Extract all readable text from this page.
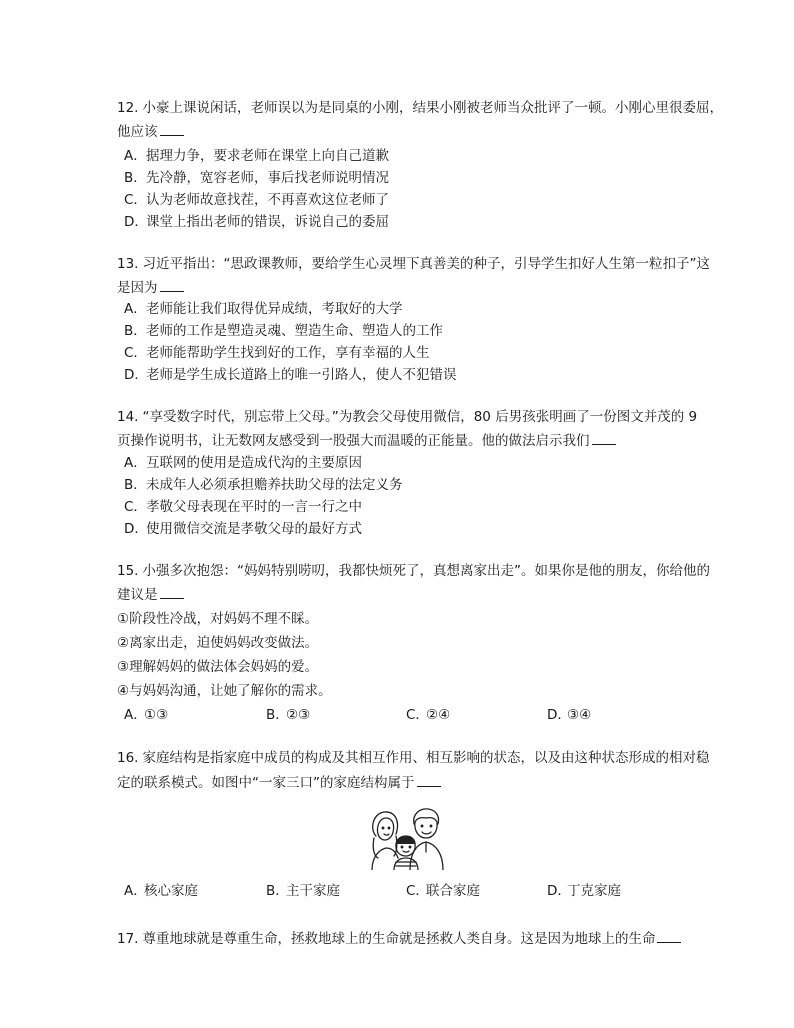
12. 小豪上课说闲话，老师误以为是同桌的小刚，结果小刚被老师当众批评了一顿。小刚心里很委屈，
他应该
A．据理力争，要求老师在课堂上向自己道歉
B．先冷静，宽容老师，事后找老师说明情况
C．认为老师故意找茬，不再喜欢这位老师了
D．课堂上指出老师的错误，诉说自己的委屈
13. 习近平指出：“思政课教师，要给学生心灵埋下真善美的种子，引导学生扣好人生第一粒扣子”这
是因为
A．老师能让我们取得优异成绩，考取好的大学
B．老师的工作是塑造灵魂、塑造生命、塑造人的工作
C．老师能帮助学生找到好的工作，享有幸福的人生
D．老师是学生成长道路上的唯一引路人，使人不犯错误
14. “享受数字时代，别忘带上父母。”为教会父母使用微信，80 后男孩张明画了一份图文并茂的 9
页操作说明书，让无数网友感受到一股强大而温暖的正能量。他的做法启示我们
A．互联网的使用是造成代沟的主要原因
B．未成年人必须承担赡养扶助父母的法定义务
C．孝敬父母表现在平时的一言一行之中
D．使用微信交流是孝敬父母的最好方式
15. 小强多次抱怨：“妈妈特别唠叨，我都快烦死了，真想离家出走”。如果你是他的朋友，你给他的
建议是
①阶段性冷战，对妈妈不理不睬。
②离家出走，迫使妈妈改变做法。
③理解妈妈的做法体会妈妈的爱。
④与妈妈沟通，让她了解你的需求。
A．①③	B．②③	C．②④	D．③④
16. 家庭结构是指家庭中成员的构成及其相互作用、相互影响的状态，以及由这种状态形成的相对稳
定的联系模式。如图中“一家三口”的家庭结构属于
A．核心家庭	B．主干家庭	C．联合家庭	D．丁克家庭
17. 尊重地球就是尊重生命，拯救地球上的生命就是拯救人类自身。这是因为地球上的生命
